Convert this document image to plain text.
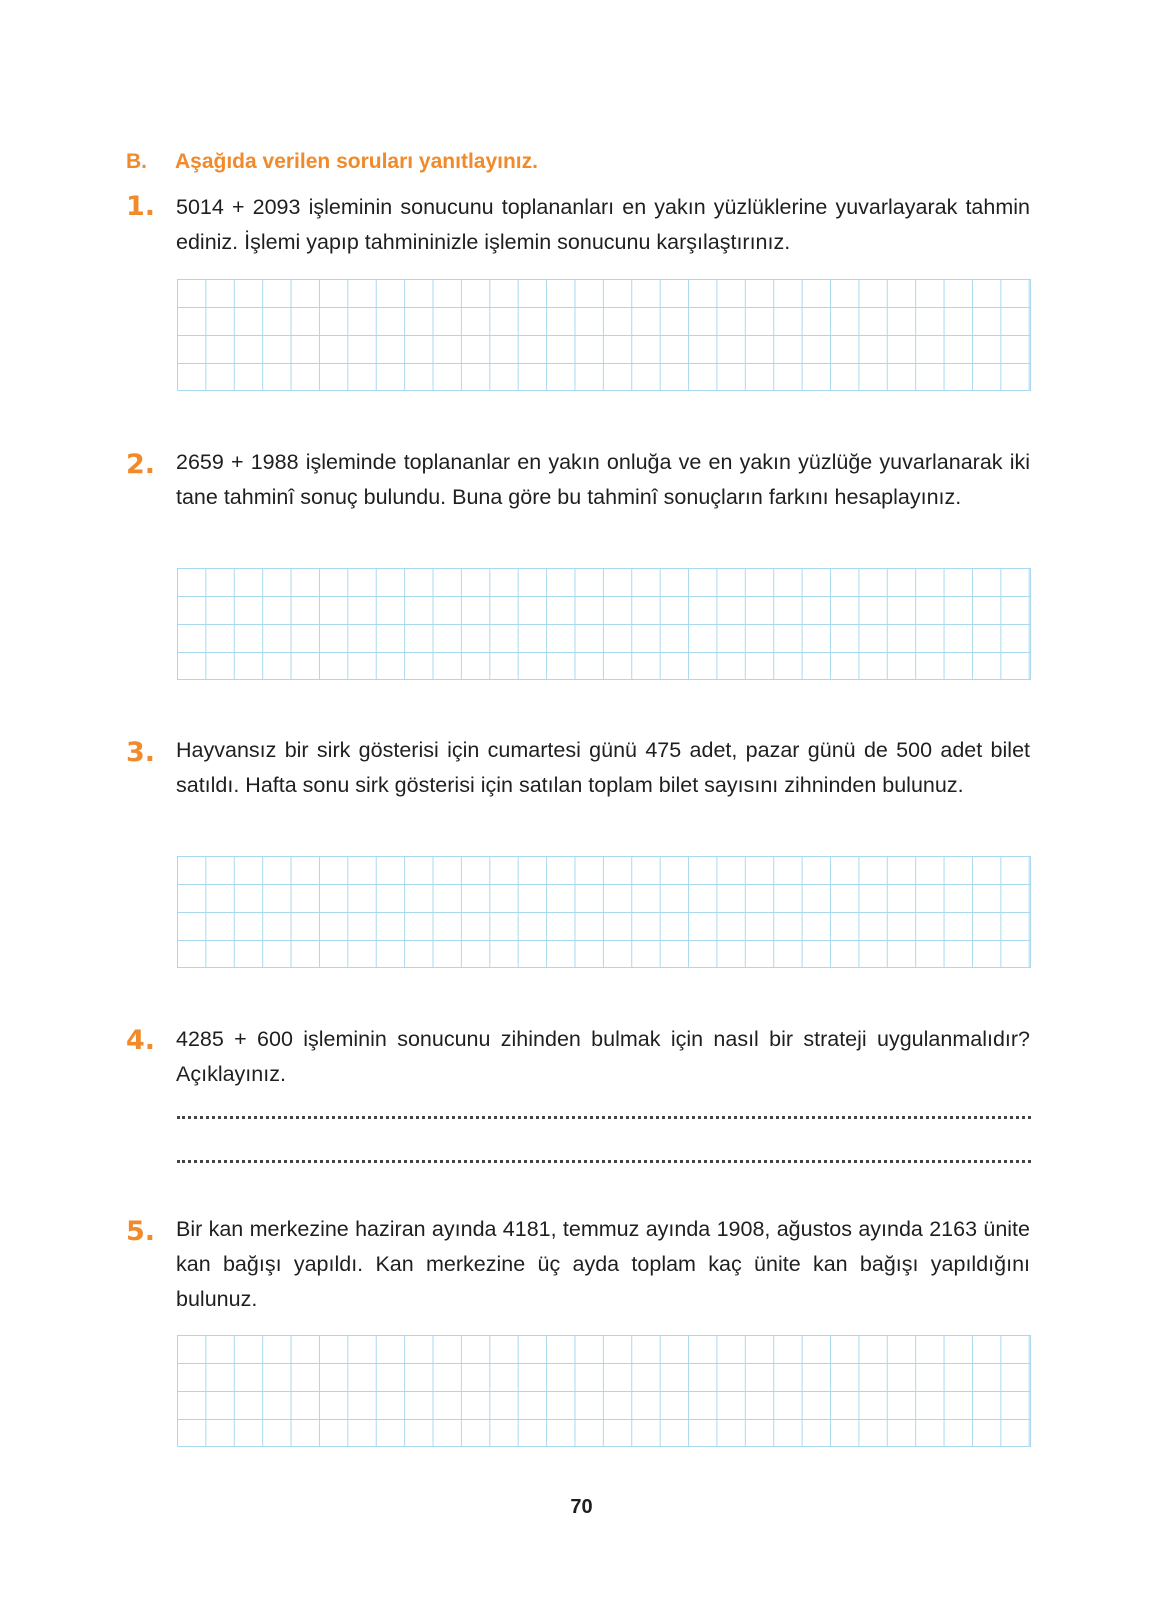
B. Aşağıda verilen soruları yanıtlayınız.
1. 5014 + 2093 işleminin sonucunu toplananları en yakın yüzlüklerine yuvarlayarak tahmin ediniz. İşlemi yapıp tahmininizle işlemin sonucunu karşılaştırınız.
2. 2659 + 1988 işleminde toplananlar en yakın onluğa ve en yakın yüzlüğe yuvarlanarak iki tane tahminî sonuç bulundu. Buna göre bu tahminî sonuçların farkını hesaplayınız.
3. Hayvansız bir sirk gösterisi için cumartesi günü 475 adet, pazar günü de 500 adet bilet satıldı. Hafta sonu sirk gösterisi için satılan toplam bilet sayısını zihninden bulunuz.
4. 4285 + 600 işleminin sonucunu zihinden bulmak için nasıl bir strateji uygulanmalıdır? Açıklayınız.
5. Bir kan merkezine haziran ayında 4181, temmuz ayında 1908, ağustos ayında 2163 ünite kan bağışı yapıldı. Kan merkezine üç ayda toplam kaç ünite kan bağışı yapıldığını bulunuz.
70
